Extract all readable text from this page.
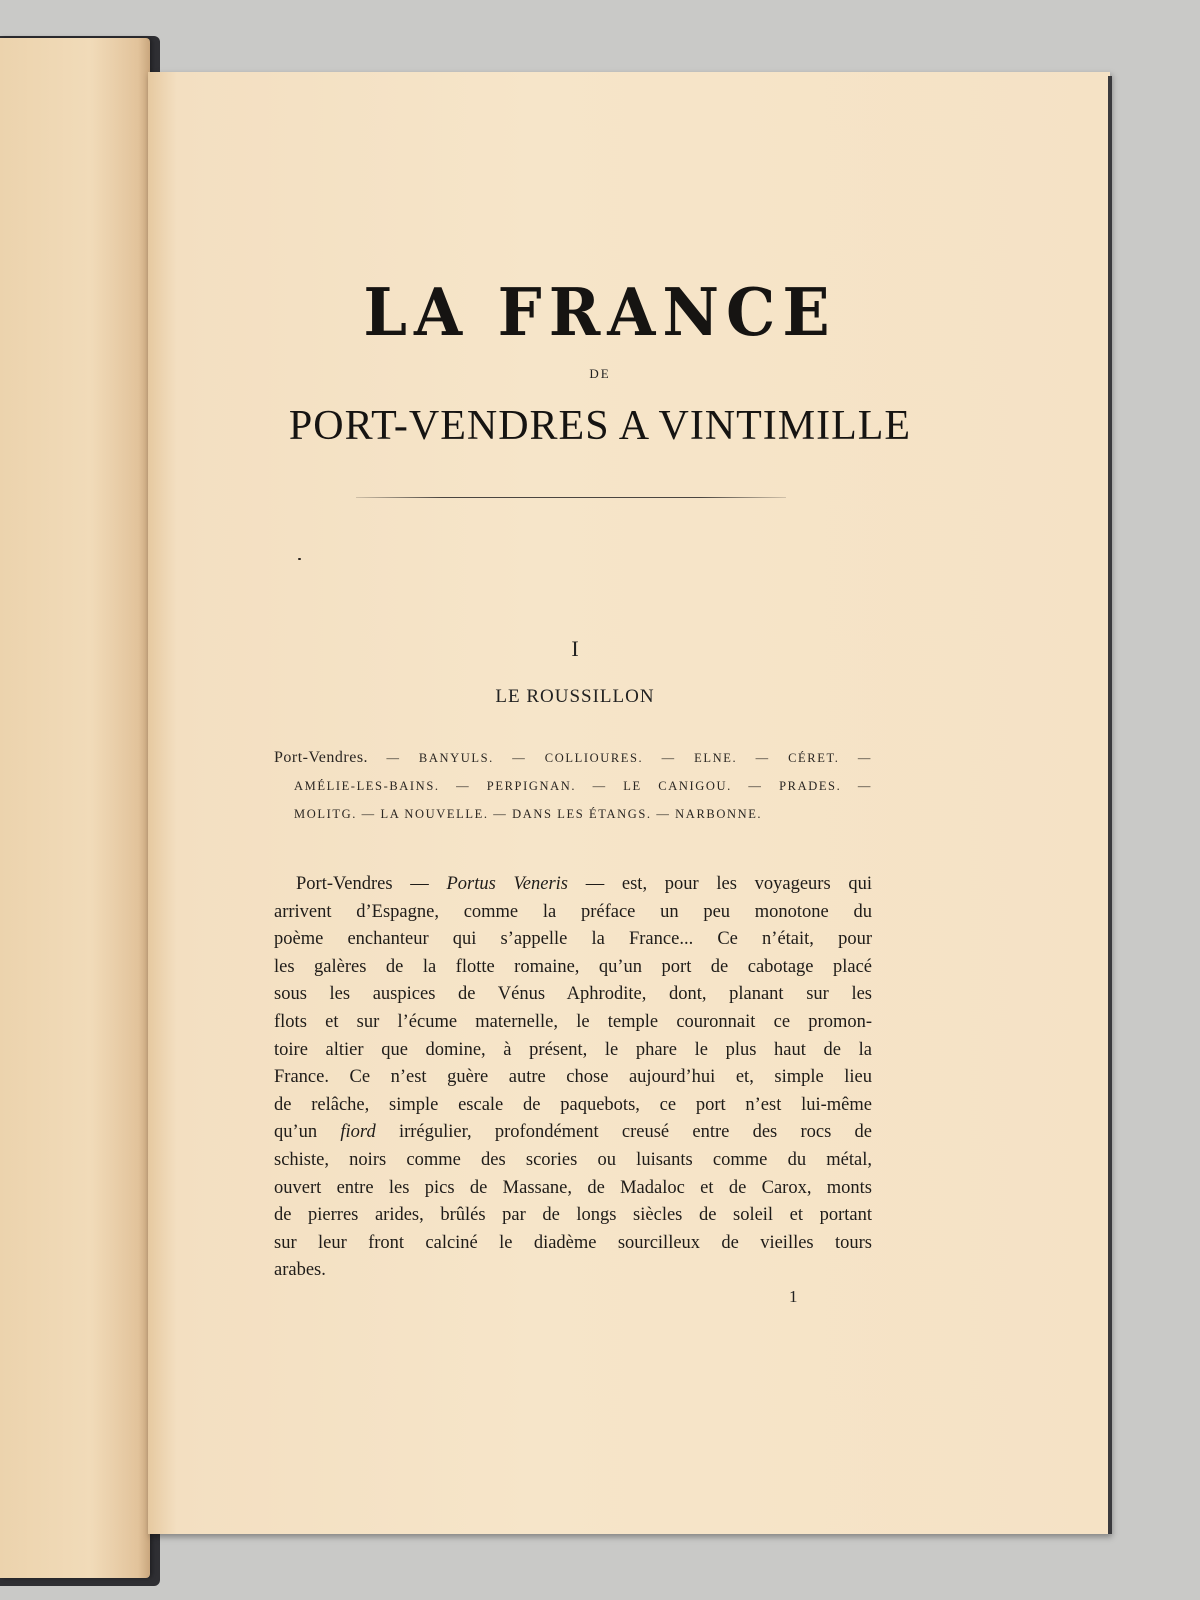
LA FRANCE
DE
PORT-VENDRES A VINTIMILLE
I
LE ROUSSILLON
Port-Vendres. — BANYULS. — COLLIOURES. — ELNE. — CÉRET. —
AMÉLIE-LES-BAINS. — PERPIGNAN. — LE CANIGOU. — PRADES. —
MOLITG. — LA NOUVELLE. — DANS LES ÉTANGS. — NARBONNE.
Port-Vendres — Portus Veneris — est, pour les voyageurs qui
arrivent d’Espagne, comme la préface un peu monotone du
poème enchanteur qui s’appelle la France... Ce n’était, pour
les galères de la flotte romaine, qu’un port de cabotage placé
sous les auspices de Vénus Aphrodite, dont, planant sur les
flots et sur l’écume maternelle, le temple couronnait ce promon-
toire altier que domine, à présent, le phare le plus haut de la
France. Ce n’est guère autre chose aujourd’hui et, simple lieu
de relâche, simple escale de paquebots, ce port n’est lui-même
qu’un fiord irrégulier, profondément creusé entre des rocs de
schiste, noirs comme des scories ou luisants comme du métal,
ouvert entre les pics de Massane, de Madaloc et de Carox, monts
de pierres arides, brûlés par de longs siècles de soleil et portant
sur leur front calciné le diadème sourcilleux de vieilles tours
arabes.
1
